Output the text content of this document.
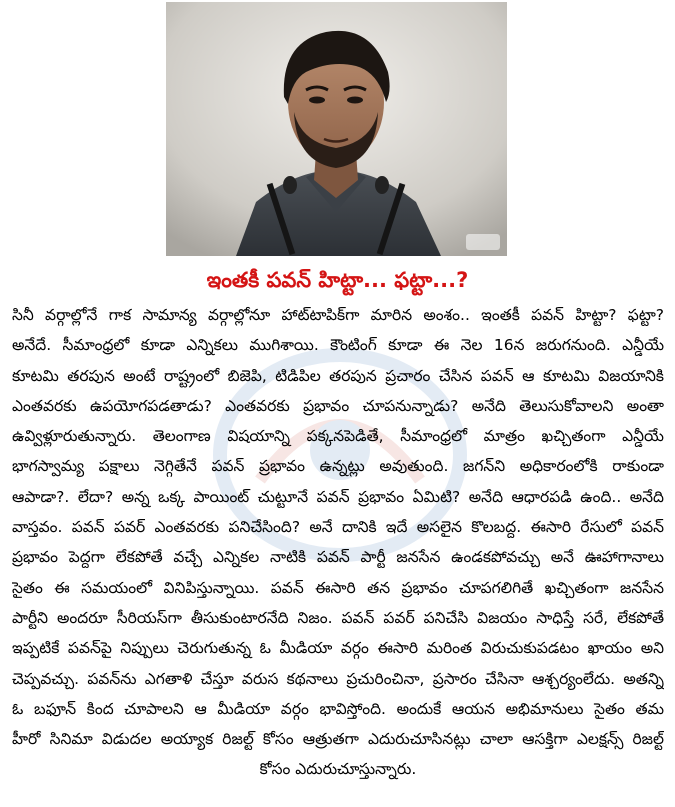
ఇంతకీ పవన్ హిట్టా... ఫట్టా...?
సినీ వర్గాల్లోనే గాక సామాన్య వర్గాల్లోనూ హాట్‌టాపిక్‌గా మారిన అంశం.. ఇంతకీ పవన్ హిట్టా? ఫట్టా?
అనేదే. సీమాంధ్రలో కూడా ఎన్నికలు ముగిశాయి. కౌంటింగ్ కూడా ఈ నెల 16న జరుగనుంది. ఎన్డీయే
కూటమి తరపున అంటే రాష్ట్రంలో బిజెపి, టిడిపిల తరపున ప్రచారం చేసిన పవన్ ఆ కూటమి విజయానికి
ఎంతవరకు ఉపయోగపడతాడు? ఎంతవరకు ప్రభావం చూపనున్నాడు? అనేది తెలుసుకోవాలని అంతా
ఉవ్విళ్లూరుతున్నారు. తెలంగాణ విషయాన్ని పక్కనపెడితే, సీమాంధ్రలో మాత్రం ఖచ్చితంగా ఎన్డీయే
భాగస్వామ్య పక్షాలు నెగ్గితేనే పవన్ ప్రభావం ఉన్నట్లు అవుతుంది. జగన్‌ని అధికారంలోకి రాకుండా
ఆపాడా?. లేదా? అన్న ఒక్క పాయింట్ చుట్టూనే పవన్ ప్రభావం ఏమిటి? అనేది ఆధారపడి ఉంది.. అనేది
వాస్తవం. పవన్ పవర్ ఎంతవరకు పనిచేసింది? అనే దానికి ఇదే అసలైన కొలబద్ద. ఈసారి రేసులో పవన్
ప్రభావం పెద్దగా లేకపోతే వచ్చే ఎన్నికల నాటికి పవన్ పార్టీ జనసేన ఉండకపోవచ్చు అనే ఊహాగానాలు
సైతం ఈ సమయంలో వినిపిస్తున్నాయి. పవన్ ఈసారి తన ప్రభావం చూపగలిగితే ఖచ్చితంగా జనసేన
పార్టీని అందరూ సీరియస్‌గా తీసుకుంటారనేది నిజం. పవన్ పవర్ పనిచేసి విజయం సాధిస్తే సరే, లేకపోతే
ఇప్పటికే పవన్‌పై నిప్పులు చెరుగుతున్న ఓ మీడియా వర్గం ఈసారి మరింత విరుచుకుపడటం ఖాయం అని
చెప్పవచ్చు. పవన్‌ను ఎగతాళి చేస్తూ వరుస కథనాలు ప్రచురించినా, ప్రసారం చేసినా ఆశ్చర్యంలేదు. అతన్ని
ఓ బఫూన్ కింద చూపాలని ఆ మీడియా వర్గం భావిస్తోంది. అందుకే ఆయన అభిమానులు సైతం తమ
హీరో సినిమా విడుదల అయ్యాక రిజల్ట్ కోసం ఆత్రుతగా ఎదురుచూసినట్లు చాలా ఆసక్తిగా ఎలక్షన్స్ రిజల్ట్
కోసం ఎదురుచూస్తున్నారు.
